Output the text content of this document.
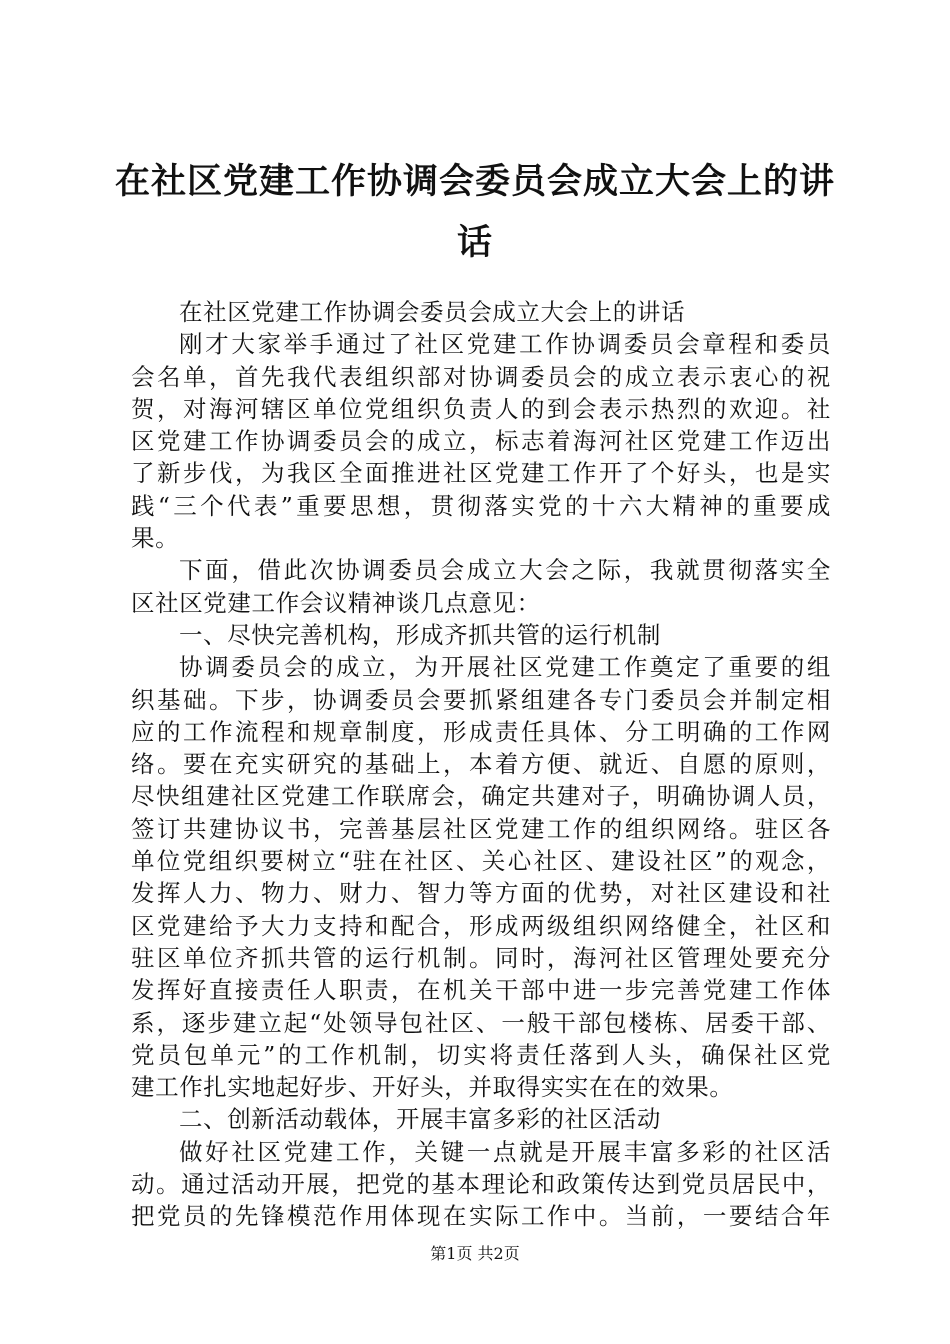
在社区党建工作协调会委员会成立大会上的讲
话
在社区党建工作协调会委员会成立大会上的讲话
刚才大家举手通过了社区党建工作协调委员会章程和委员
会名单，首先我代表组织部对协调委员会的成立表示衷心的祝
贺，对海河辖区单位党组织负责人的到会表示热烈的欢迎。社
区党建工作协调委员会的成立，标志着海河社区党建工作迈出
了新步伐，为我区全面推进社区党建工作开了个好头，也是实
践“三个代表”重要思想，贯彻落实党的十六大精神的重要成
果。
下面，借此次协调委员会成立大会之际，我就贯彻落实全
区社区党建工作会议精神谈几点意见：
一、尽快完善机构，形成齐抓共管的运行机制
协调委员会的成立，为开展社区党建工作奠定了重要的组
织基础。下步，协调委员会要抓紧组建各专门委员会并制定相
应的工作流程和规章制度，形成责任具体、分工明确的工作网
络。要在充实研究的基础上，本着方便、就近、自愿的原则，
尽快组建社区党建工作联席会，确定共建对子，明确协调人员，
签订共建协议书，完善基层社区党建工作的组织网络。驻区各
单位党组织要树立“驻在社区、关心社区、建设社区”的观念，
发挥人力、物力、财力、智力等方面的优势，对社区建设和社
区党建给予大力支持和配合，形成两级组织网络健全，社区和
驻区单位齐抓共管的运行机制。同时，海河社区管理处要充分
发挥好直接责任人职责，在机关干部中进一步完善党建工作体
系，逐步建立起“处领导包社区、一般干部包楼栋、居委干部、
党员包单元”的工作机制，切实将责任落到人头，确保社区党
建工作扎实地起好步、开好头，并取得实实在在的效果。
二、创新活动载体，开展丰富多彩的社区活动
做好社区党建工作，关键一点就是开展丰富多彩的社区活
动。通过活动开展，把党的基本理论和政策传达到党员居民中，
把党员的先锋模范作用体现在实际工作中。当前，一要结合年
第1页 共2页
